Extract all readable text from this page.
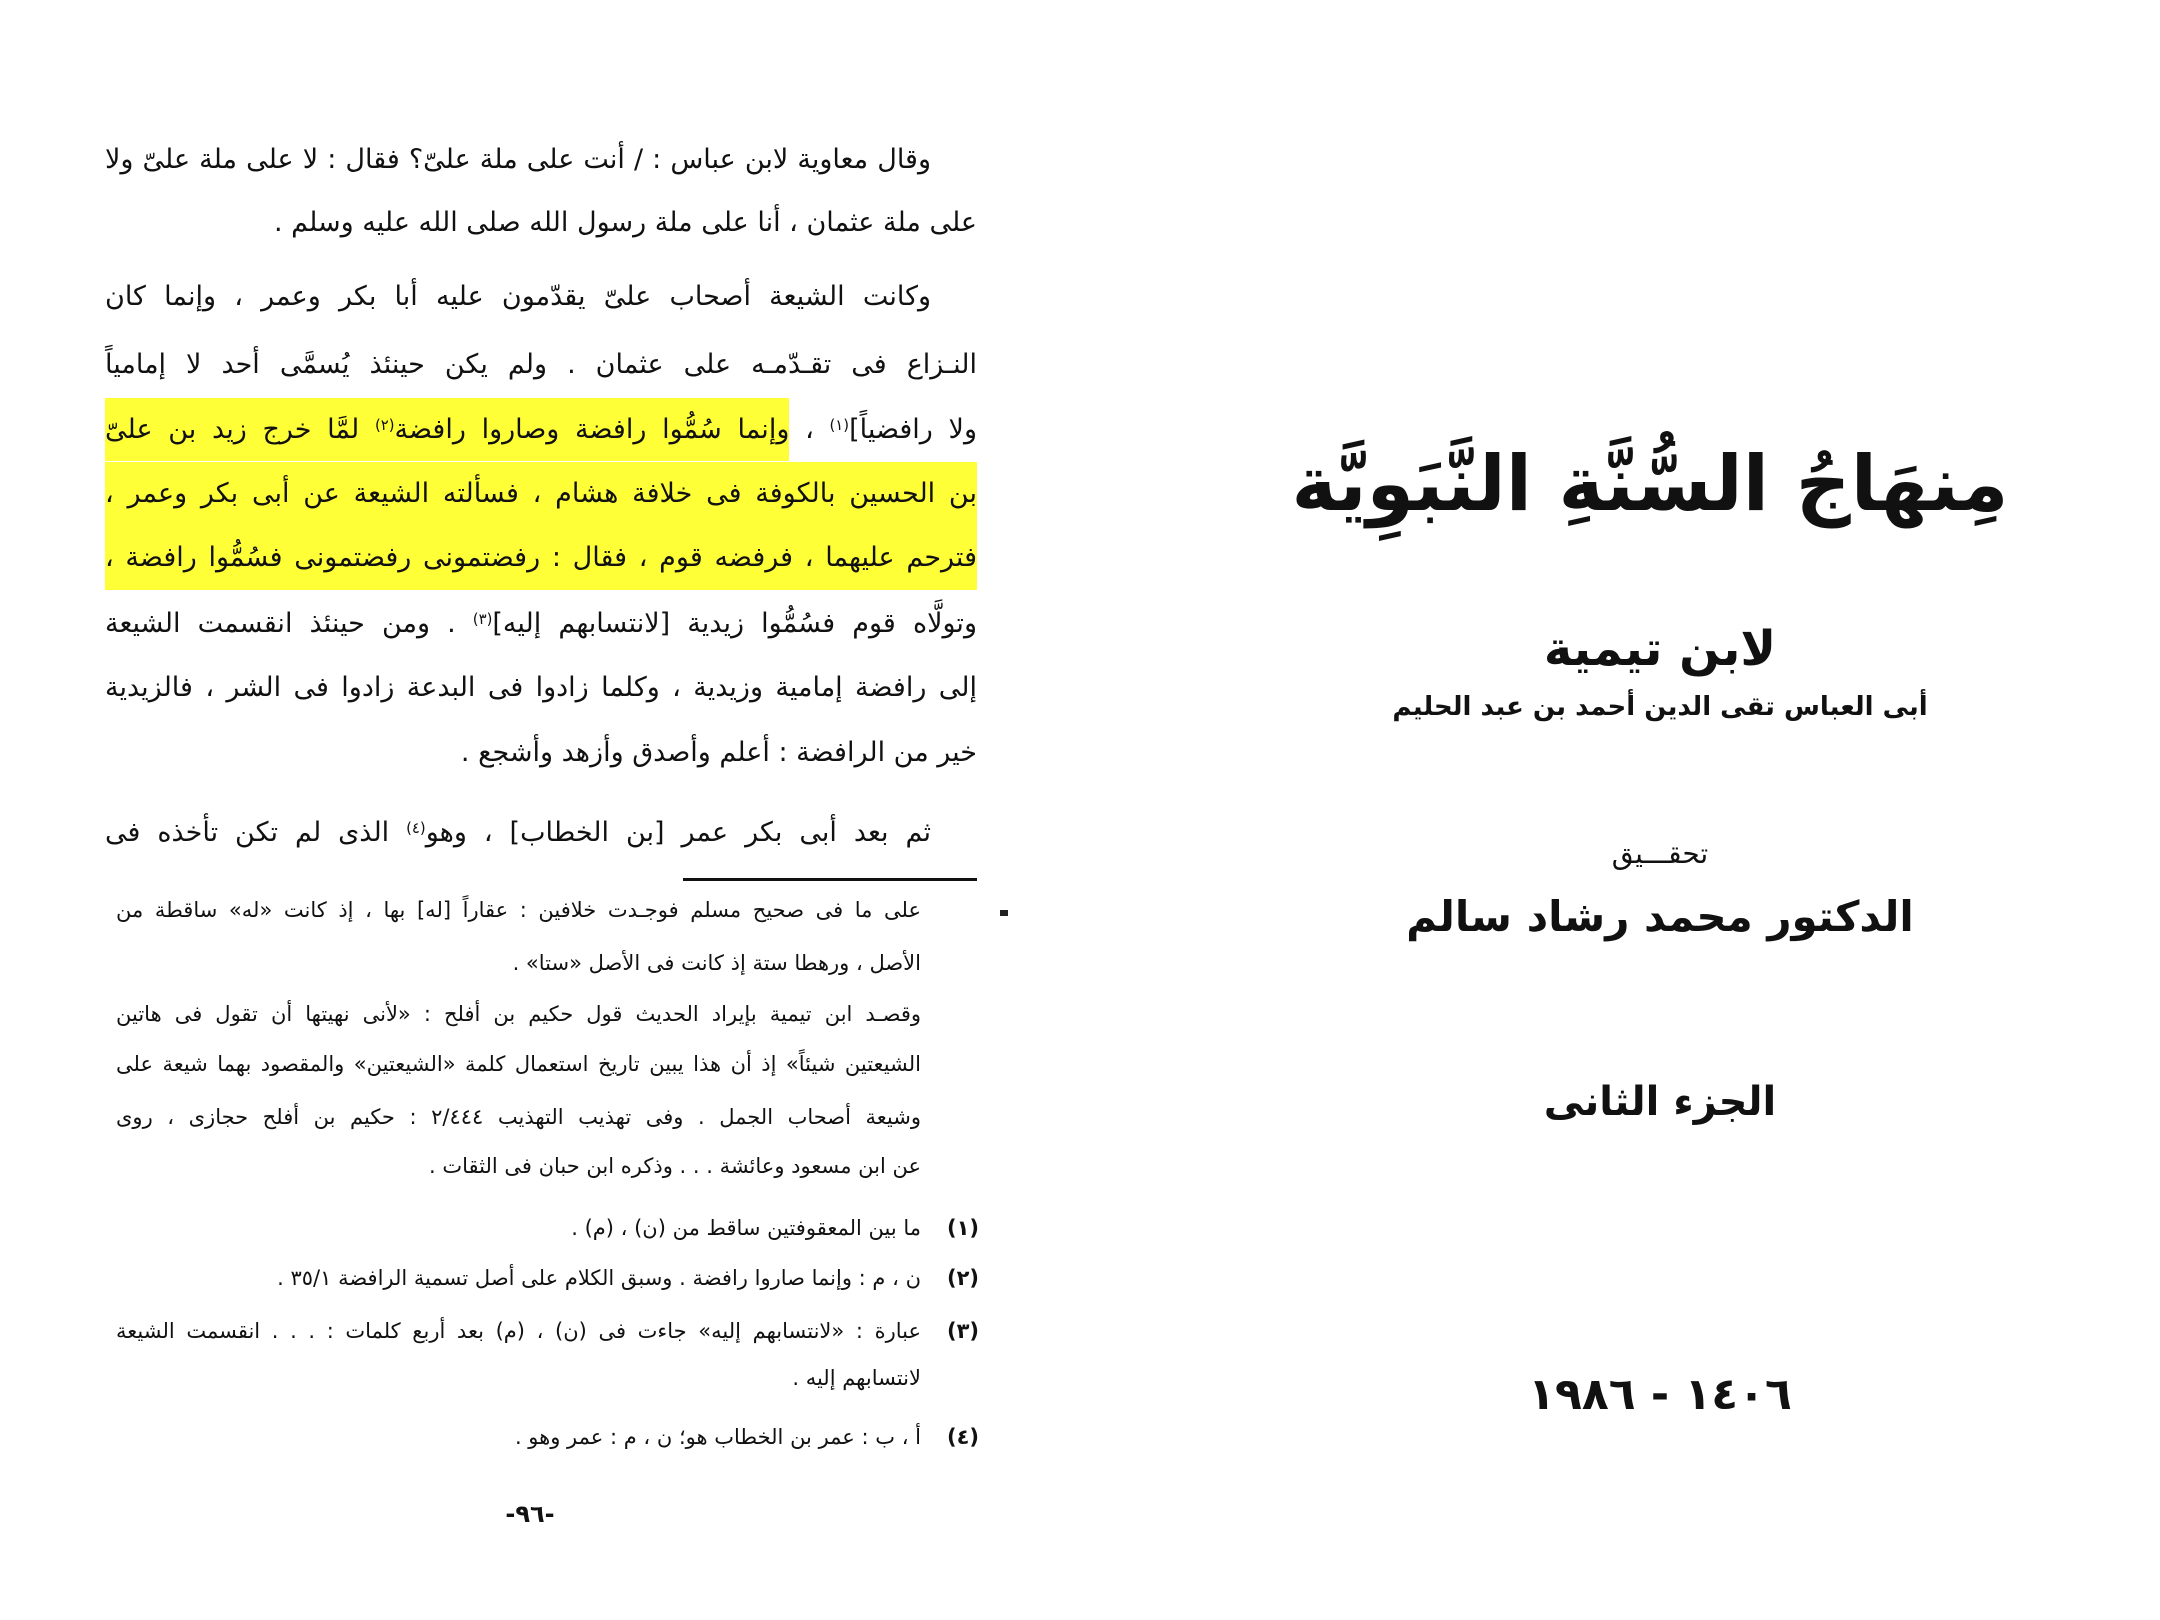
وقال معاوية لابن عباس : / أنت على ملة علىّ؟ فقال : لا على ملة علىّ ولا
على ملة عثمان ، أنا على ملة رسول الله صلى الله عليه وسلم .
وكانت الشيعة أصحاب علىّ يقدّمون عليه أبا بكر وعمر ، وإنما كان
النـزاع فى تقـدّمـه على عثمان . ولم يكن حينئذ يُسمَّى أحد لا إمامياً
ولا رافضياً]$^{(١)}$ ، وإنما سُمُّوا رافضة وصاروا رافضة$^{(٢)}$ لمَّا خرج زيد بن علىّ
بن الحسين بالكوفة فى خلافة هشام ، فسألته الشيعة عن أبى بكر وعمر ،
فترحم عليهما ، فرفضه قوم ، فقال : رفضتمونى رفضتمونى فسُمُّوا رافضة ،
وتولَّاه قوم فسُمُّوا زيدية [لانتسابهم إليه]$^{(٣)}$ . ومن حينئذ انقسمت الشيعة
إلى رافضة إمامية وزيدية ، وكلما زادوا فى البدعة زادوا فى الشر ، فالزيدية
خير من الرافضة : أعلم وأصدق وأزهد وأشجع .
ثم بعد أبى بكر عمر [بن الخطاب] ، وهو$^{(٤)}$ الذى لم تكن تأخذه فى
على ما فى صحيح مسلم فوجـدت خلافين : عقاراً [له] بها ، إذ كانت «له» ساقطة من
الأصل ، ورهطا ستة إذ كانت فى الأصل «ستا» .
وقصـد ابن تيمية بإيراد الحديث قول حكيم بن أفلح : «لأنى نهيتها أن تقول فى هاتين
الشيعتين شيئاً» إذ أن هذا يبين تاريخ استعمال كلمة «الشيعتين» والمقصود بهما شيعة على
وشيعة أصحاب الجمل . وفى تهذيب التهذيب ٢/٤٤٤ : حكيم بن أفلح حجازى ، روى
عن ابن مسعود وعائشة . . . وذكره ابن حبان فى الثقات .
(١)
ما بين المعقوفتين ساقط من (ن) ، (م) .
(٢)
ن ، م : وإنما صاروا رافضة . وسبق الكلام على أصل تسمية الرافضة ٣٥/١ .
(٣)
عبارة : «لانتسابهم إليه» جاءت فى (ن) ، (م) بعد أربع كلمات : . . . انقسمت الشيعة
لانتسابهم إليه .
(٤)
أ ، ب : عمر بن الخطاب هو؛ ن ، م : عمر وهو .
-٩٦-
مِنهَاجُ السُّنَّةِ النَّبَوِيَّة
لابن تيمية
أبى العباس تقى الدين أحمد بن عبد الحليم
تحقـــيق
الدكتور محمد رشاد سالم
الجزء الثانى
١٤٠٦ - ١٩٨٦
